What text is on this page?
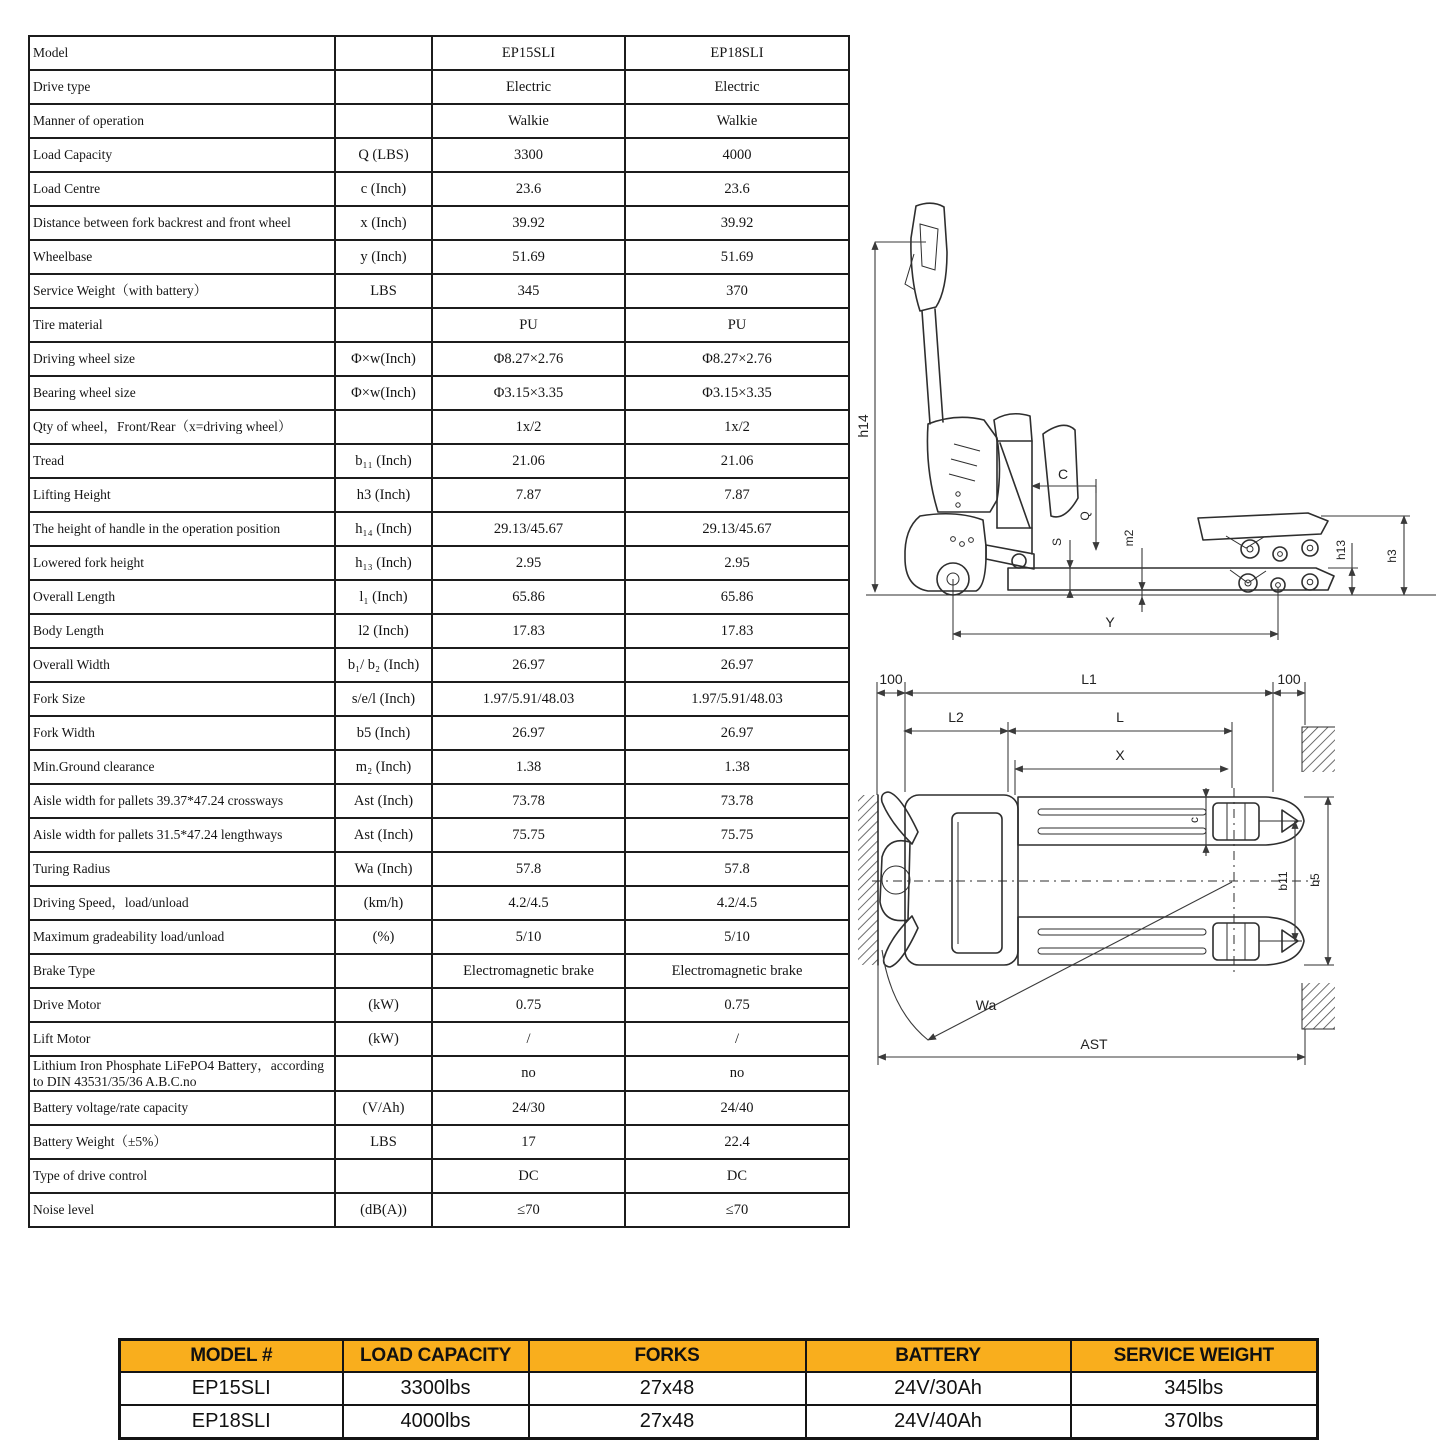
Model		EP15SLI	EP18SLI
Drive type		Electric	Electric
Manner of operation		Walkie	Walkie
Load Capacity	Q (LBS)	3300	4000
Load Centre	c (Inch)	23.6	23.6
Distance between fork backrest and front wheel	x (Inch)	39.92	39.92
Wheelbase	y (Inch)	51.69	51.69
Service Weight（with battery）	LBS	345	370
Tire material		PU	PU
Driving wheel size	Φ×w(Inch)	Φ8.27×2.76	Φ8.27×2.76
Bearing wheel size	Φ×w(Inch)	Φ3.15×3.35	Φ3.15×3.35
Qty of wheel，Front/Rear（x=driving wheel）		1x/2	1x/2
Tread	b₁₁ (Inch)	21.06	21.06
Lifting Height	h3 (Inch)	7.87	7.87
The height of handle in the operation position	h₁₄ (Inch)	29.13/45.67	29.13/45.67
Lowered fork height	h₁₃ (Inch)	2.95	2.95
Overall Length	l₁ (Inch)	65.86	65.86
Body Length	l2 (Inch)	17.83	17.83
Overall Width	b₁/ b₂ (Inch)	26.97	26.97
Fork Size	s/e/l (Inch)	1.97/5.91/48.03	1.97/5.91/48.03
Fork Width	b5 (Inch)	26.97	26.97
Min.Ground clearance	m₂ (Inch)	1.38	1.38
Aisle width for pallets 39.37*47.24 crossways	Ast (Inch)	73.78	73.78
Aisle width for pallets 31.5*47.24 lengthways	Ast (Inch)	75.75	75.75
Turing Radius	Wa (Inch)	57.8	57.8
Driving Speed，load/unload	(km/h)	4.2/4.5	4.2/4.5
Maximum gradeability load/unload	(%)	5/10	5/10
Brake Type		Electromagnetic brake	Electromagnetic brake
Drive Motor	(kW)	0.75	0.75
Lift Motor	(kW)	/	/
Lithium Iron Phosphate LiFePO4 Battery，according to DIN 43531/35/36 A.B.C.no		no	no
Battery voltage/rate capacity	(V/Ah)	24/30	24/40
Battery Weight（±5%）	LBS	17	22.4
Type of drive control		DC	DC
Noise level	(dB(A))	≤70	≤70
h14
C
Q
S	m2
h13	h3
Y
100	L1	100
L2	L
X
c
b11 b5
Wa
AST
MODEL #	LOAD CAPACITY	FORKS	BATTERY	SERVICE WEIGHT
EP15SLI	3300lbs	27x48	24V/30Ah	345lbs
EP18SLI	4000lbs	27x48	24V/40Ah	370lbs
